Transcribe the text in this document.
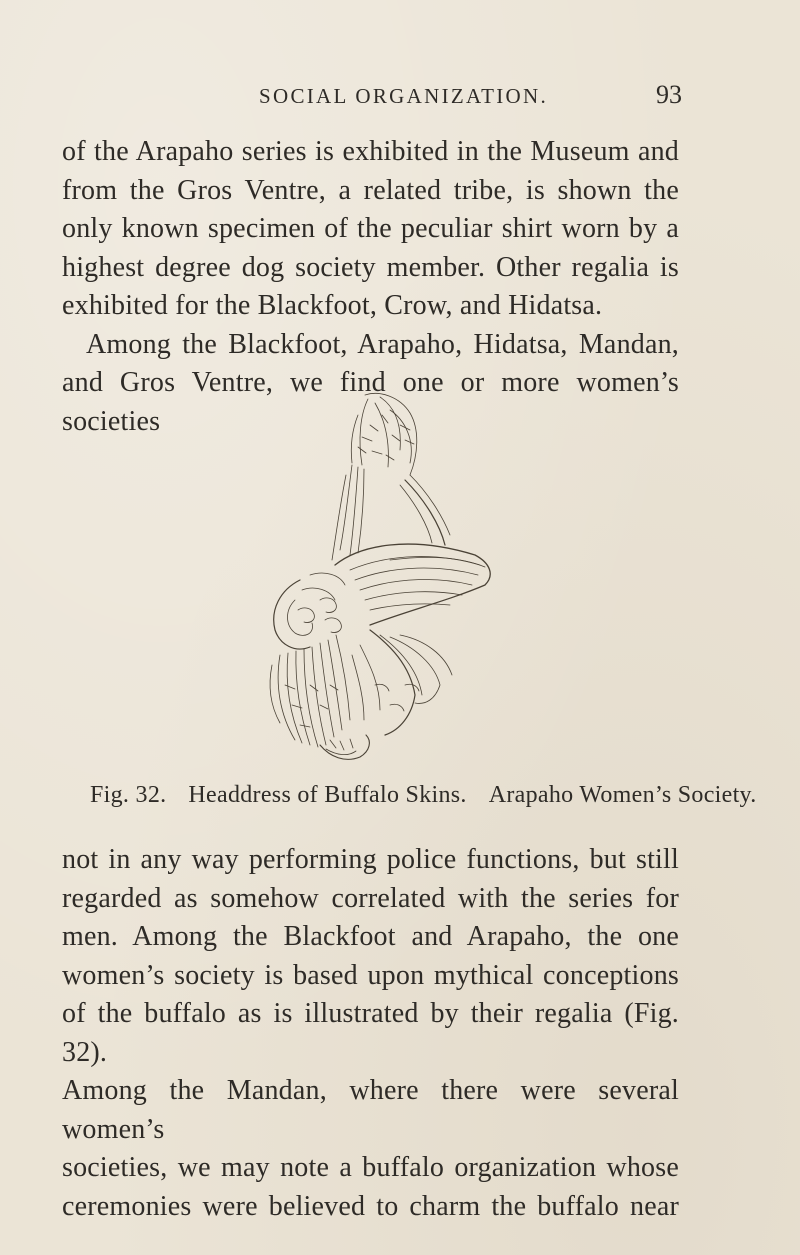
SOCIAL ORGANIZATION.	93
of the Arapaho series is exhibited in the Museum and
from the Gros Ventre, a related tribe, is shown the
only known specimen of the peculiar shirt worn by a
highest degree dog society member. Other regalia is
exhibited for the Blackfoot, Crow, and Hidatsa.
Among the Blackfoot, Arapaho, Hidatsa, Mandan,
and Gros Ventre, we find one or more women’s societies
Fig. 32. Headdress of Buffalo Skins. Arapaho Women’s Society.
not in any way performing police functions, but still
regarded as somehow correlated with the series for
men. Among the Blackfoot and Arapaho, the one
women’s society is based upon mythical conceptions
of the buffalo as is illustrated by their regalia (Fig. 32).
Among the Mandan, where there were several women’s
societies, we may note a buffalo organization whose
ceremonies were believed to charm the buffalo near
